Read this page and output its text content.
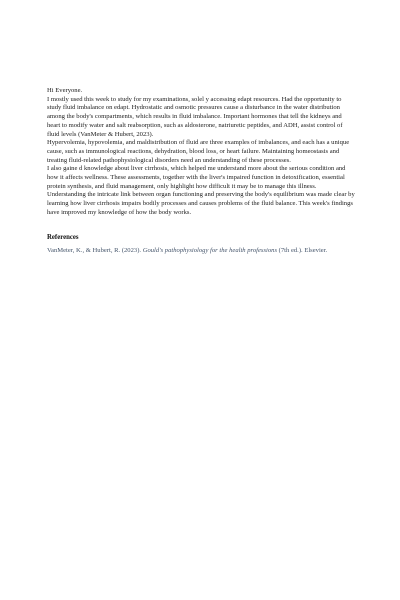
Hi Everyone.

I mostly used this week to study for my examinations, solel y accessing edapt resources. Had the opportunity to study fluid imbalance on edapt. Hydrostatic and osmotic pressures cause a disturbance in the water distribution among the body's compartments, which results in fluid imbalance. Important hormones that tell the kidneys and heart to modify water and salt reabsorption, such as aldosterone, natriuretic peptides, and ADH, assist control of fluid levels (VanMeter & Hubert, 2023).

Hypervolemia, hypovolemia, and maldistribution of fluid are three examples of imbalances, and each has a unique cause, such as immunological reactions, dehydration, blood loss, or heart failure. Maintaining homeostasis and treating fluid-related pathophysiological disorders need an understanding of these processes.

I also gaine d knowledge about liver cirrhosis, which helped me understand more about the serious condition and how it affects wellness. These assessments, together with the liver's impaired function in detoxification, essential protein synthesis, and fluid management, only highlight how difficult it may be to manage this illness. Understanding the intricate link between organ functioning and preserving the body's equilibrium was made clear by learning how liver cirrhosis impairs bodily processes and causes problems of the fluid balance. This week's findings have improved my knowledge of how the body works.

References

VanMeter, K., & Hubert, R. (2023). Gould's pathophysiology for the health professions (7th ed.). Elsevier.
